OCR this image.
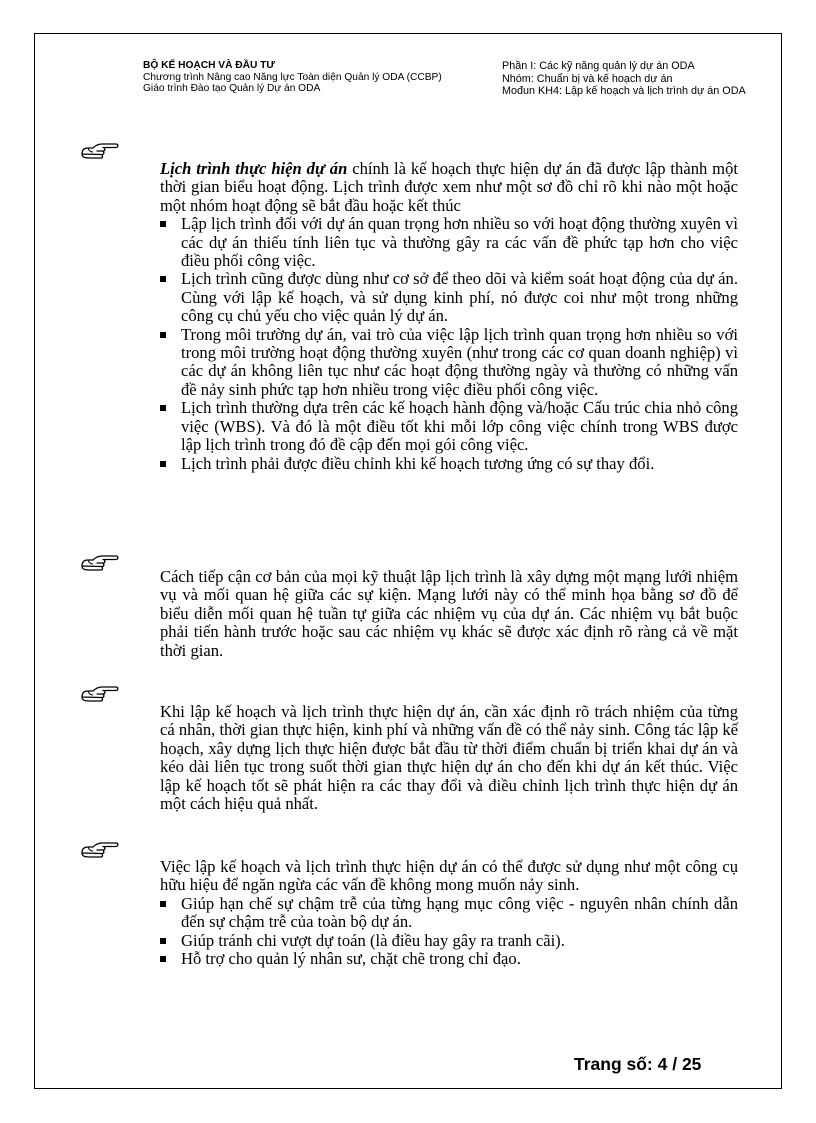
BỘ KẾ HOẠCH VÀ ĐẦU TƯ
Chương trình Nâng cao Năng lực Toàn diện Quản lý ODA (CCBP)
Giáo trình Đào tạo Quản lý Dự án ODA
Phần I: Các kỹ năng quản lý dự án ODA
Nhóm: Chuẩn bị và kế hoạch dự án
Mođun KH4: Lập kế hoạch và lịch trình dự án ODA

Lịch trình thực hiện dự án chính là kế hoạch thực hiện dự án đã được lập thành một thời gian biểu hoạt động. Lịch trình được xem như một sơ đồ chỉ rõ khi nào một hoặc một nhóm hoạt động sẽ bắt đầu hoặc kết thúc

Lập lịch trình đối với dự án quan trọng hơn nhiều so với hoạt động thường xuyên vì các dự án thiếu tính liên tục và thường gây ra các vấn đề phức tạp hơn cho việc điều phối công việc.
Lịch trình cũng được dùng như cơ sở để theo dõi và kiểm soát hoạt động của dự án. Cùng với lập kế hoạch, và sử dụng kinh phí, nó được coi như một trong những công cụ chủ yếu cho việc quản lý dự án.
Trong môi trường dự án, vai trò của việc lập lịch trình quan trọng hơn nhiều so với trong môi trường hoạt động thường xuyên (như trong các cơ quan doanh nghiệp) vì các dự án không liên tục như các hoạt động thường ngày và thường có những vấn đề nảy sinh phức tạp hơn nhiều trong việc điều phối công việc.
Lịch trình thường dựa trên các kế hoạch hành động và/hoặc Cấu trúc chia nhỏ công việc (WBS). Và đó là một điều tốt khi mỗi lớp công việc chính trong WBS được lập lịch trình trong đó đề cập đến mọi gói công việc.
Lịch trình phải được điều chỉnh khi kế hoạch tương ứng có sự thay đổi.

Cách tiếp cận cơ bản của mọi kỹ thuật lập lịch trình là xây dựng một mạng lưới nhiệm vụ và mối quan hệ giữa các sự kiện. Mạng lưới này có thể minh họa bằng sơ đồ để biểu diễn mối quan hệ tuần tự giữa các nhiệm vụ của dự án. Các nhiệm vụ bắt buộc phải tiến hành trước hoặc sau các nhiệm vụ khác sẽ được xác định rõ ràng cả về mặt thời gian.

Khi lập kế hoạch và lịch trình thực hiện dự án, cần xác định rõ trách nhiệm của từng cá nhân, thời gian thực hiện, kinh phí và những vấn đề có thể nảy sinh. Công tác lập kế hoạch, xây dựng lịch thực hiện được bắt đầu từ thời điểm chuẩn bị triển khai dự án và kéo dài liên tục trong suốt thời gian thực hiện dự án cho đến khi dự án kết thúc. Việc lập kế hoạch tốt sẽ phát hiện ra các thay đổi và điều chỉnh lịch trình thực hiện dự án một cách hiệu quả nhất.

Việc lập kế hoạch và lịch trình thực hiện dự án có thể được sử dụng như một công cụ hữu hiệu để ngăn ngừa các vấn đề không mong muốn nảy sinh.

Giúp hạn chế sự chậm trễ của từng hạng mục công việc - nguyên nhân chính dẫn đến sự chậm trễ của toàn bộ dự án.
Giúp tránh chi vượt dự toán (là điều hay gây ra tranh cãi).
Hỗ trợ cho quản lý nhân sư, chặt chẽ trong chỉ đạo.
Trang số: 4 / 25
